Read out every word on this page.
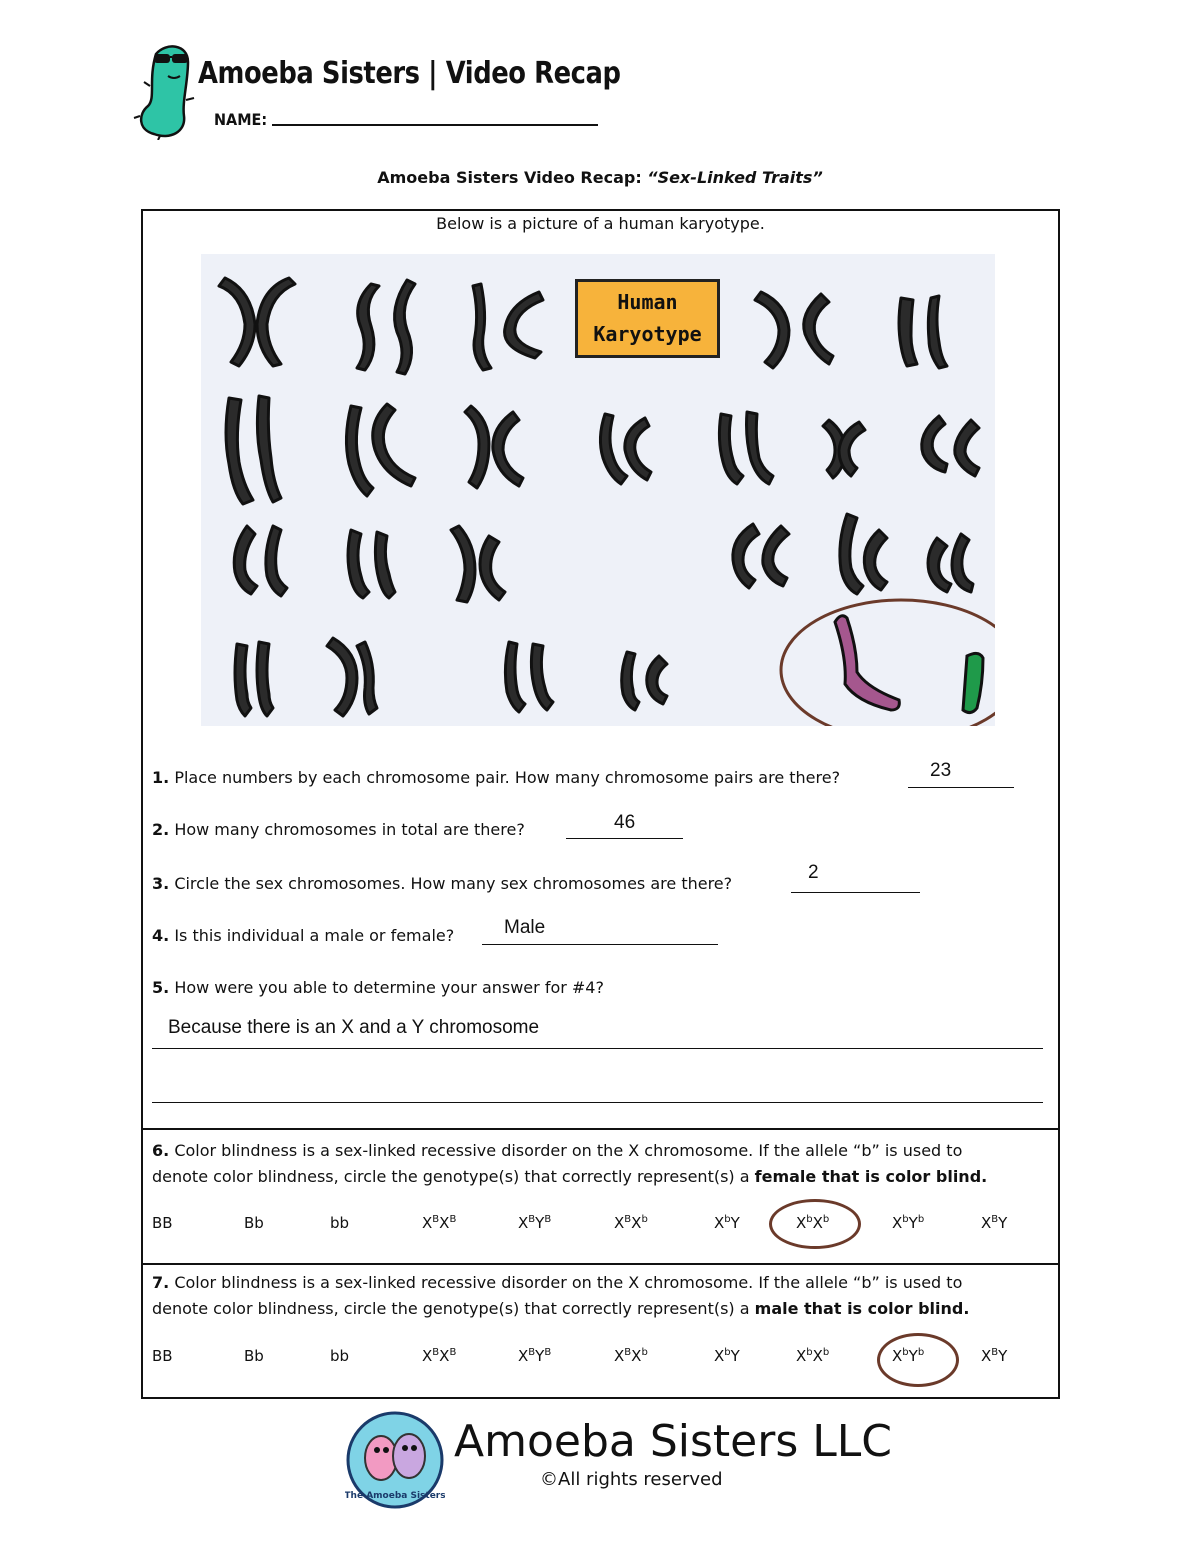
Amoeba Sisters | Video Recap
NAME:
Amoeba Sisters Video Recap: “Sex-Linked Traits”
Below is a picture of a human karyotype.
Human
Karyotype
1. Place numbers by each chromosome pair. How many chromosome pairs are there?	23
2. How many chromosomes in total are there?	46
3. Circle the sex chromosomes. How many sex chromosomes are there?
2
4. Is this individual a male or female?	Male
5. How were you able to determine your answer for #4?
Because there is an X and a Y chromosome
6. Color blindness is a sex-linked recessive disorder on the X chromosome. If the allele “b” is used to
denote color blindness, circle the genotype(s) that correctly represent(s) a female that is color blind.
BB	Bb	bb	$X^BX^B$	$X^BY^B$	$X^BX^b$	$X^bY$	$X^bX^b$	$X^bY^b$	$X^BY$
7. Color blindness is a sex-linked recessive disorder on the X chromosome. If the allele “b” is used to
denote color blindness, circle the genotype(s) that correctly represent(s) a male that is color blind.
BB	Bb	bb	$X^BX^B$	$X^BY^B$	$X^BX^b$	$X^bY$	$X^bX^b$	$X^bY^b$	$X^BY$
The Amoeba Sisters
Amoeba Sisters LLC
©All rights reserved
